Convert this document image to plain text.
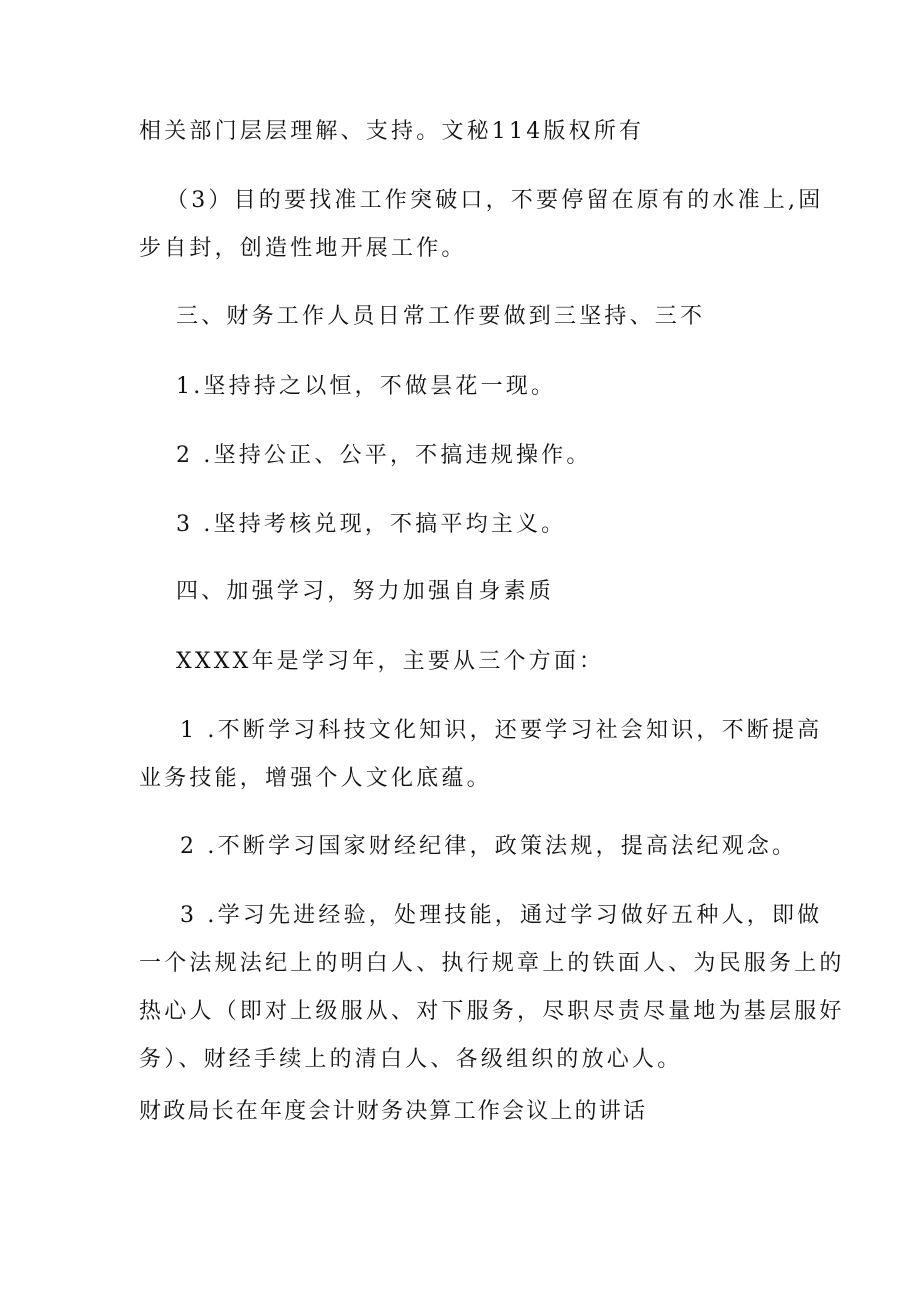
相关部门层层理解、支持。文秘114版权所有
（3）目的要找准工作突破口，不要停留在原有的水准上,固
步自封，创造性地开展工作。
三、财务工作人员日常工作要做到三坚持、三不
1.坚持持之以恒，不做昙花一现。
2 .坚持公正、公平，不搞违规操作。
3 .坚持考核兑现，不搞平均主义。
四、加强学习，努力加强自身素质
XXXX年是学习年，主要从三个方面：
1 .不断学习科技文化知识，还要学习社会知识，不断提高
业务技能，增强个人文化底蕴。
2 .不断学习国家财经纪律，政策法规，提高法纪观念。
3 .学习先进经验，处理技能，通过学习做好五种人，即做
一个法规法纪上的明白人、执行规章上的铁面人、为民服务上的
热心人（即对上级服从、对下服务，尽职尽责尽量地为基层服好
务）、财经手续上的清白人、各级组织的放心人。
财政局长在年度会计财务决算工作会议上的讲话
